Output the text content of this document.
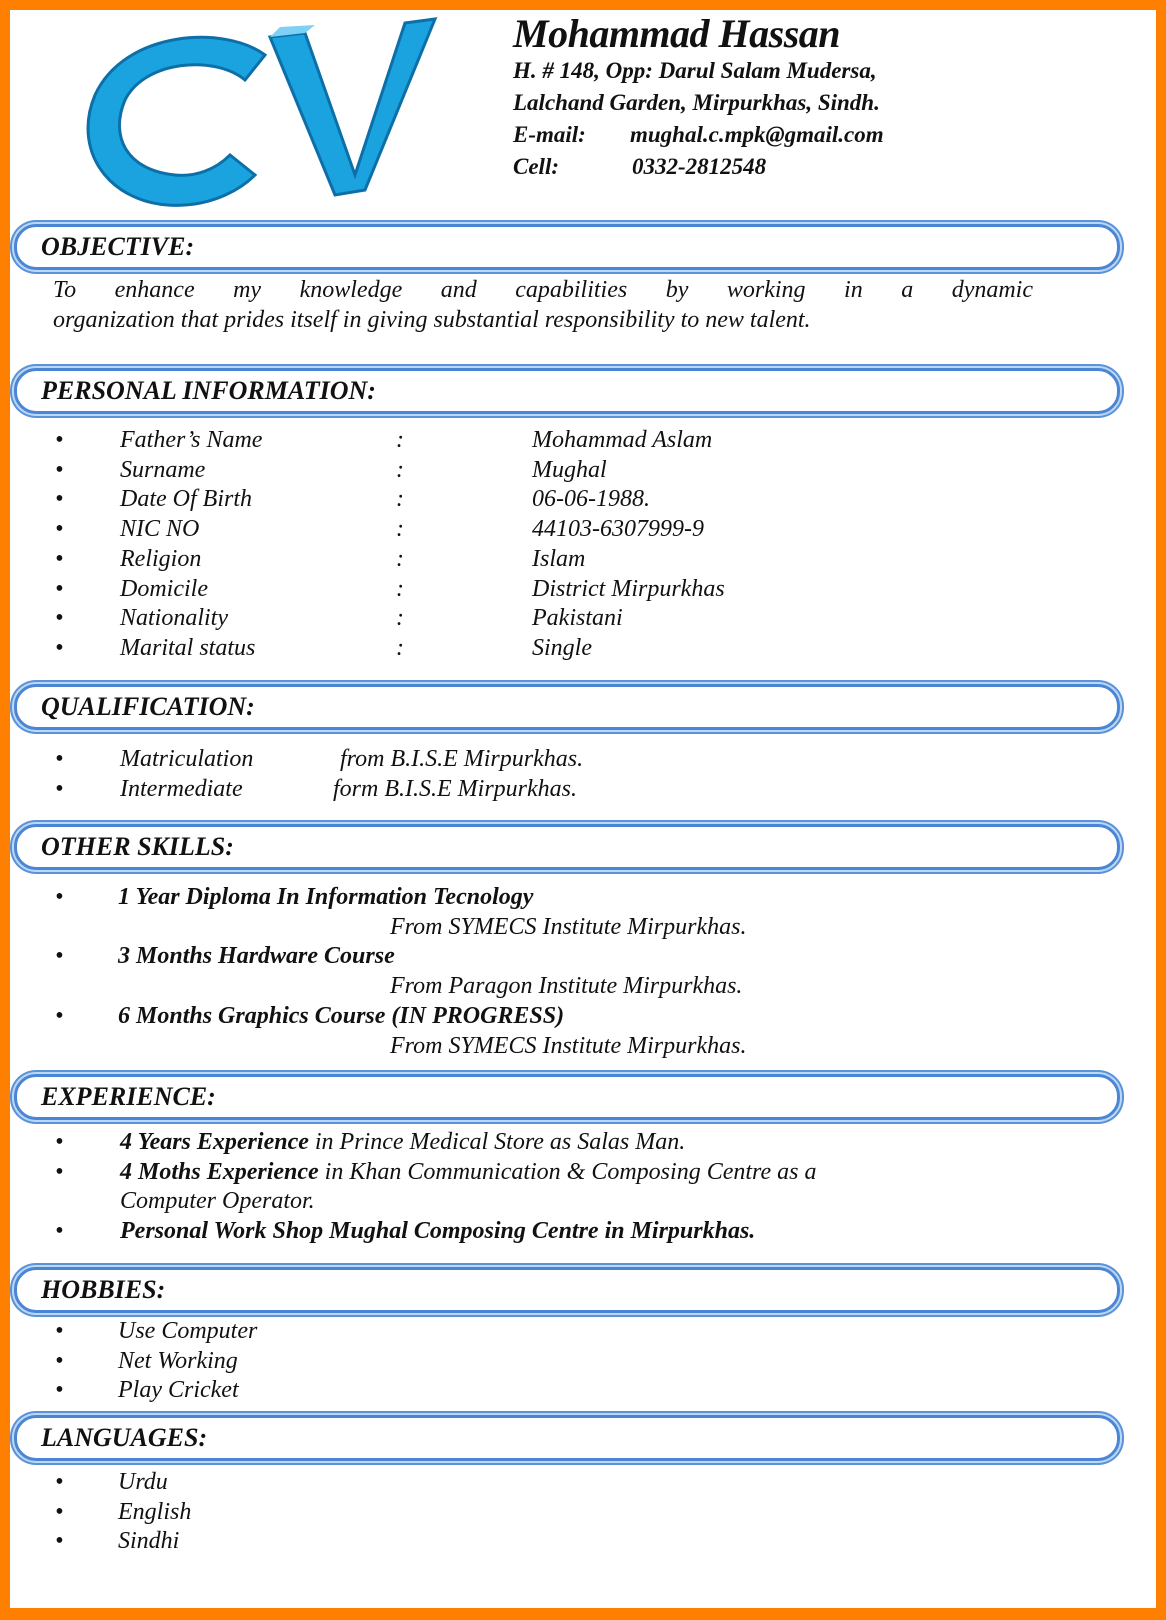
Mohammad Hassan
H. # 148, Opp: Darul Salam Mudersa,
Lalchand Garden, Mirpurkhas, Sindh.
E-mail: mughal.c.mpk@gmail.com
Cell:	0332-2812548
OBJECTIVE:
To enhance my knowledge and capabilities by working in a dynamic
organization that prides itself in giving substantial responsibility to new talent.
PERSONAL INFORMATION:
• Father’s Name	:	Mohammad Aslam
• Surname	:	Mughal
• Date Of Birth	:	06-06-1988.
• NIC NO	:	44103-6307999-9
• Religion	:	Islam
• Domicile	:	District Mirpurkhas
• Nationality	:	Pakistani
• Marital status	:	Single
QUALIFICATION:
• Matriculation	from B.I.S.E Mirpurkhas.
• Intermediate	form B.I.S.E Mirpurkhas.
OTHER SKILLS:
• 1 Year Diploma In Information Tecnology
From SYMECS Institute Mirpurkhas.
• 3 Months Hardware Course
From Paragon Institute Mirpurkhas.
• 6 Months Graphics Course (IN PROGRESS)
From SYMECS Institute Mirpurkhas.
EXPERIENCE:
• 4 Years Experience in Prince Medical Store as Salas Man.
• 4 Moths Experience in Khan Communication & Composing Centre as a
Computer Operator.
• Personal Work Shop Mughal Composing Centre in Mirpurkhas.
HOBBIES:
• Use Computer
• Net Working
• Play Cricket
LANGUAGES:
• Urdu
• English
• Sindhi
